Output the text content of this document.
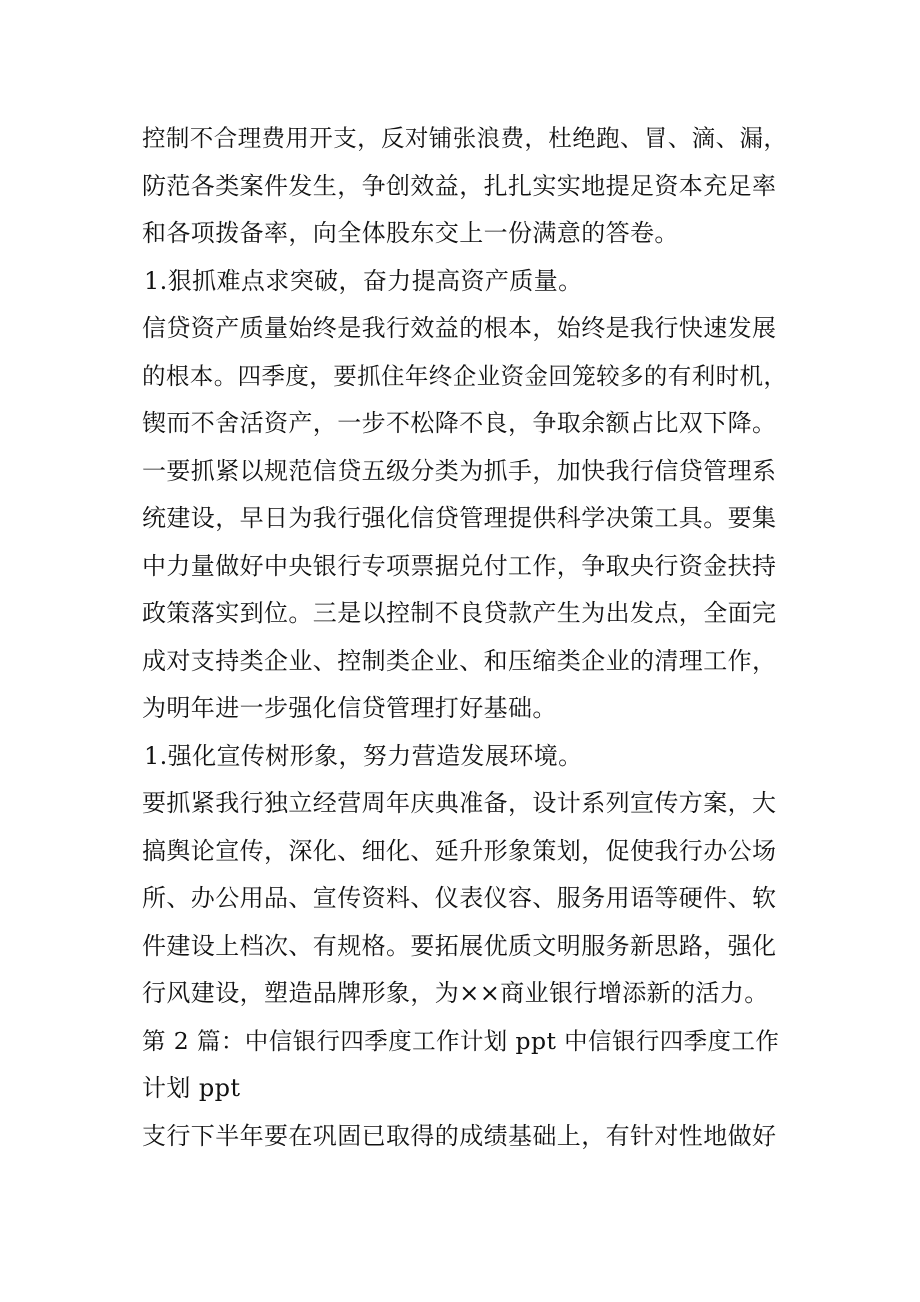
控制不合理费用开支，反对铺张浪费，杜绝跑、冒、滴、漏，
防范各类案件发生，争创效益，扎扎实实地提足资本充足率
和各项拨备率，向全体股东交上一份满意的答卷。
1.狠抓难点求突破，奋力提高资产质量。
信贷资产质量始终是我行效益的根本，始终是我行快速发展
的根本。四季度，要抓住年终企业资金回笼较多的有利时机，
锲而不舍活资产，一步不松降不良，争取余额占比双下降。
一要抓紧以规范信贷五级分类为抓手，加快我行信贷管理系
统建设，早日为我行强化信贷管理提供科学决策工具。要集
中力量做好中央银行专项票据兑付工作，争取央行资金扶持
政策落实到位。三是以控制不良贷款产生为出发点，全面完
成对支持类企业、控制类企业、和压缩类企业的清理工作，
为明年进一步强化信贷管理打好基础。
1.强化宣传树形象，努力营造发展环境。
要抓紧我行独立经营周年庆典准备，设计系列宣传方案，大
搞舆论宣传，深化、细化、延升形象策划，促使我行办公场
所、办公用品、宣传资料、仪表仪容、服务用语等硬件、软
件建设上档次、有规格。要拓展优质文明服务新思路，强化
行风建设，塑造品牌形象，为××商业银行增添新的活力。
第 2 篇：中信银行四季度工作计划 ppt 中信银行四季度工作
计划 ppt
支行下半年要在巩固已取得的成绩基础上，有针对性地做好
